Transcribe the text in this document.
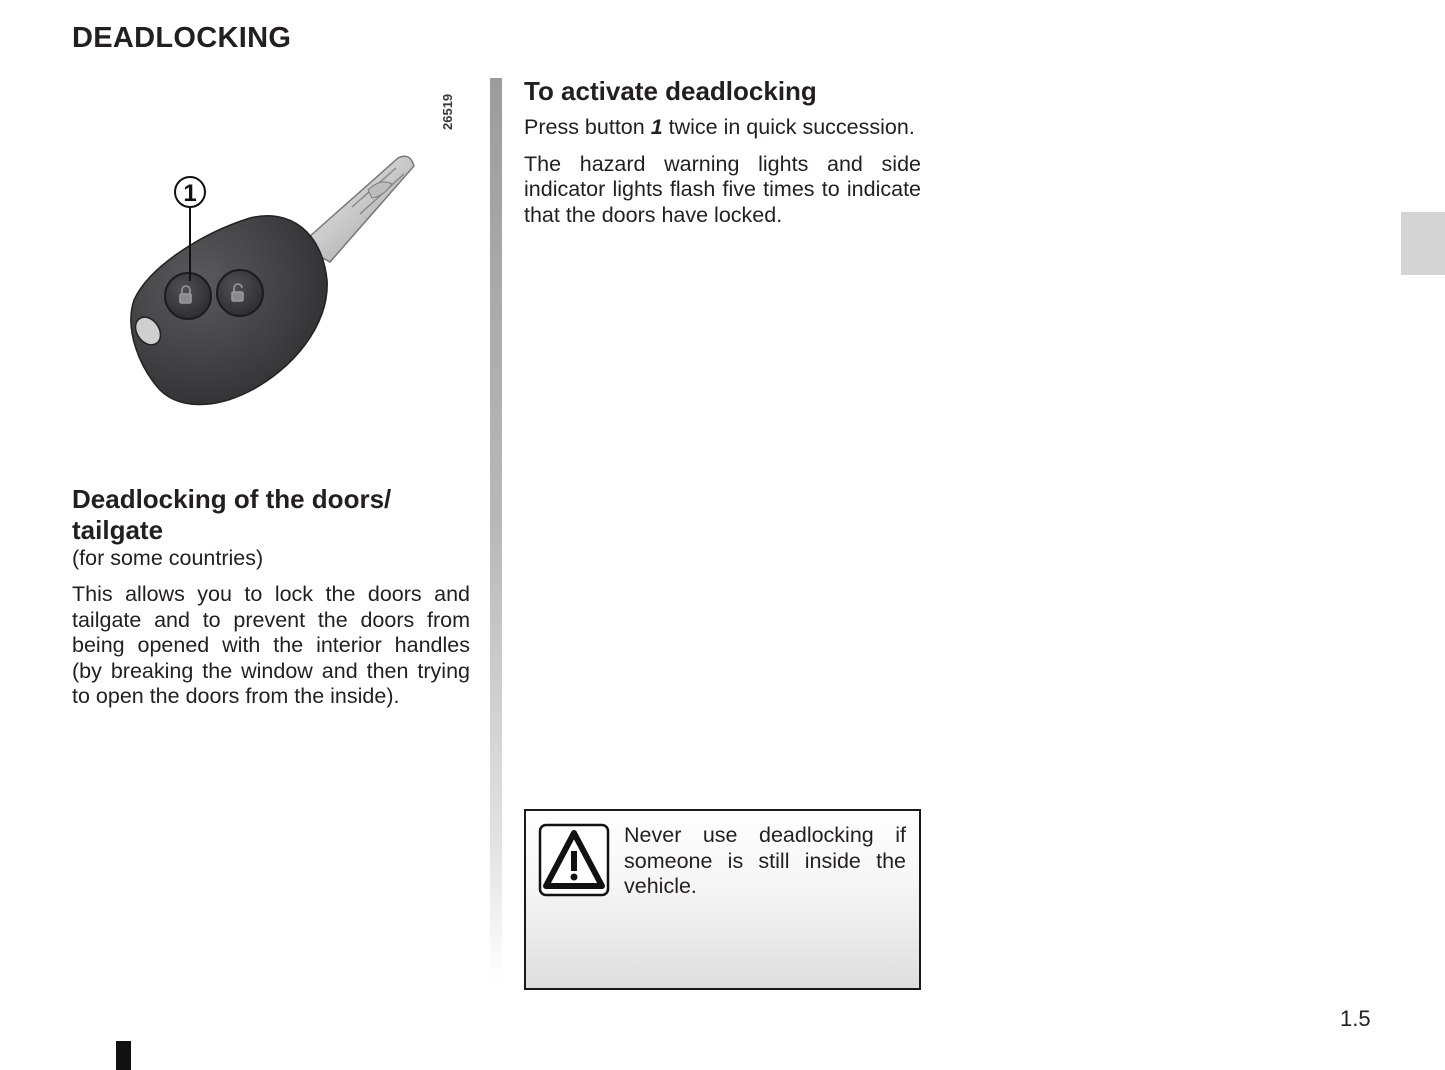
DEADLOCKING
1
26519
Deadlocking of the doors/
tailgate

(for some countries)

This allows you to lock the doors and tailgate and to prevent the doors from being opened with the interior handles (by breaking the window and then trying to open the doors from the inside).

To activate deadlocking

Press button 1 twice in quick succession.

The hazard warning lights and side indicator lights flash five times to indicate that the doors have locked.

Never use deadlocking if someone is still inside the vehicle.

1.5
